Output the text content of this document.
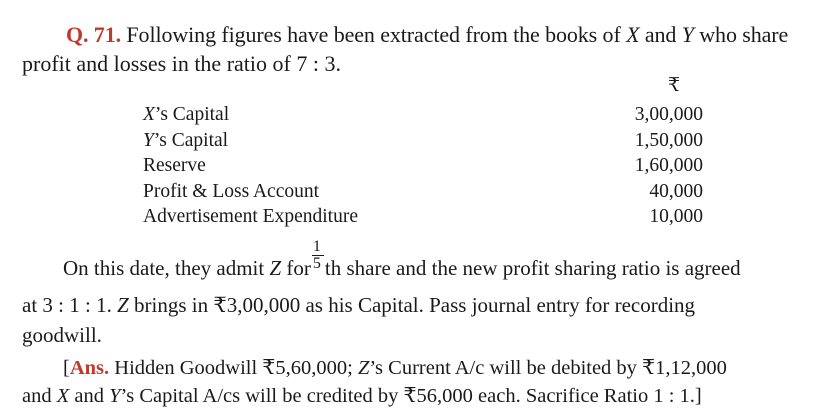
Q. 71. Following figures have been extracted from the books of X and Y who share
profit and losses in the ratio of 7 : 3.
₹
X’s Capital	3,00,000
Y’s Capital	1,50,000
Reserve	1,60,000
Profit & Loss Account	40,000
Advertisement Expenditure	10,000
On this date, they admit Z for $\frac{1}{5}$ th share and the new profit sharing ratio is agreed
at 3 : 1 : 1. Z brings in ₹3,00,000 as his Capital. Pass journal entry for recording
goodwill.
[Ans. Hidden Goodwill ₹5,60,000; Z’s Current A/c will be debited by ₹1,12,000
and X and Y’s Capital A/cs will be credited by ₹56,000 each. Sacrifice Ratio 1 : 1.]
